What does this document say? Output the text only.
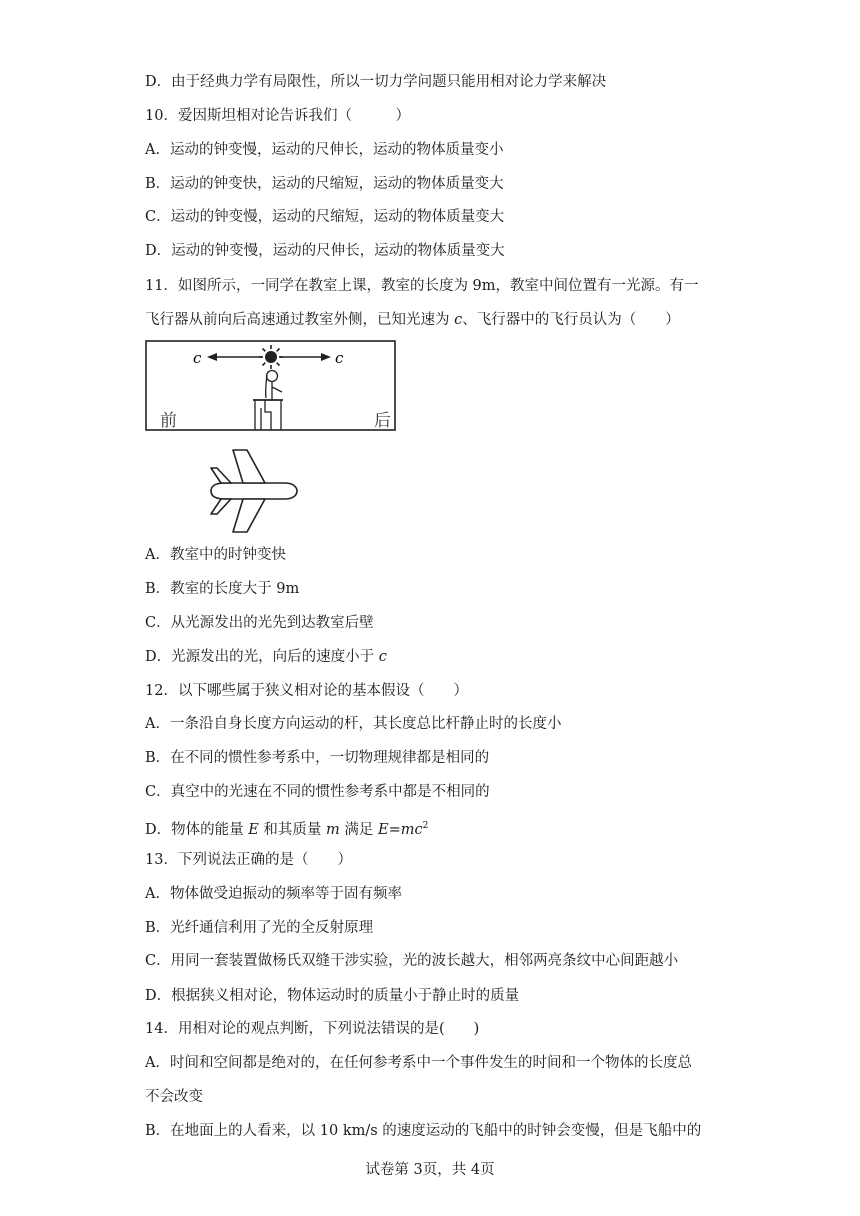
D．由于经典力学有局限性，所以一切力学问题只能用相对论力学来解决
10．爱因斯坦相对论告诉我们（　　　）
A．运动的钟变慢，运动的尺伸长，运动的物体质量变小
B．运动的钟变快，运动的尺缩短，运动的物体质量变大
C．运动的钟变慢，运动的尺缩短，运动的物体质量变大
D．运动的钟变慢，运动的尺伸长，运动的物体质量变大
11．如图所示，一同学在教室上课，教室的长度为 9m，教室中间位置有一光源。有一
飞行器从前向后高速通过教室外侧，已知光速为 c、飞行器中的飞行员认为（　　）
c	c
前	后
A．教室中的时钟变快
B．教室的长度大于 9m
C．从光源发出的光先到达教室后壁
D．光源发出的光，向后的速度小于 c
12．以下哪些属于狭义相对论的基本假设（　　）
A．一条沿自身长度方向运动的杆，其长度总比杆静止时的长度小
B．在不同的惯性参考系中，一切物理规律都是相同的
C．真空中的光速在不同的惯性参考系中都是不相同的
D．物体的能量 E 和其质量 m 满足 $E=mc^2$
13．下列说法正确的是（　　）
A．物体做受迫振动的频率等于固有频率
B．光纤通信利用了光的全反射原理
C．用同一套装置做杨氏双缝干涉实验，光的波长越大，相邻两亮条纹中心间距越小
D．根据狭义相对论，物体运动时的质量小于静止时的质量
14．用相对论的观点判断，下列说法错误的是(　　)
A．时间和空间都是绝对的，在任何参考系中一个事件发生的时间和一个物体的长度总
不会改变
B．在地面上的人看来，以 10 km/s 的速度运动的飞船中的时钟会变慢，但是飞船中的
试卷第 3页，共 4页
